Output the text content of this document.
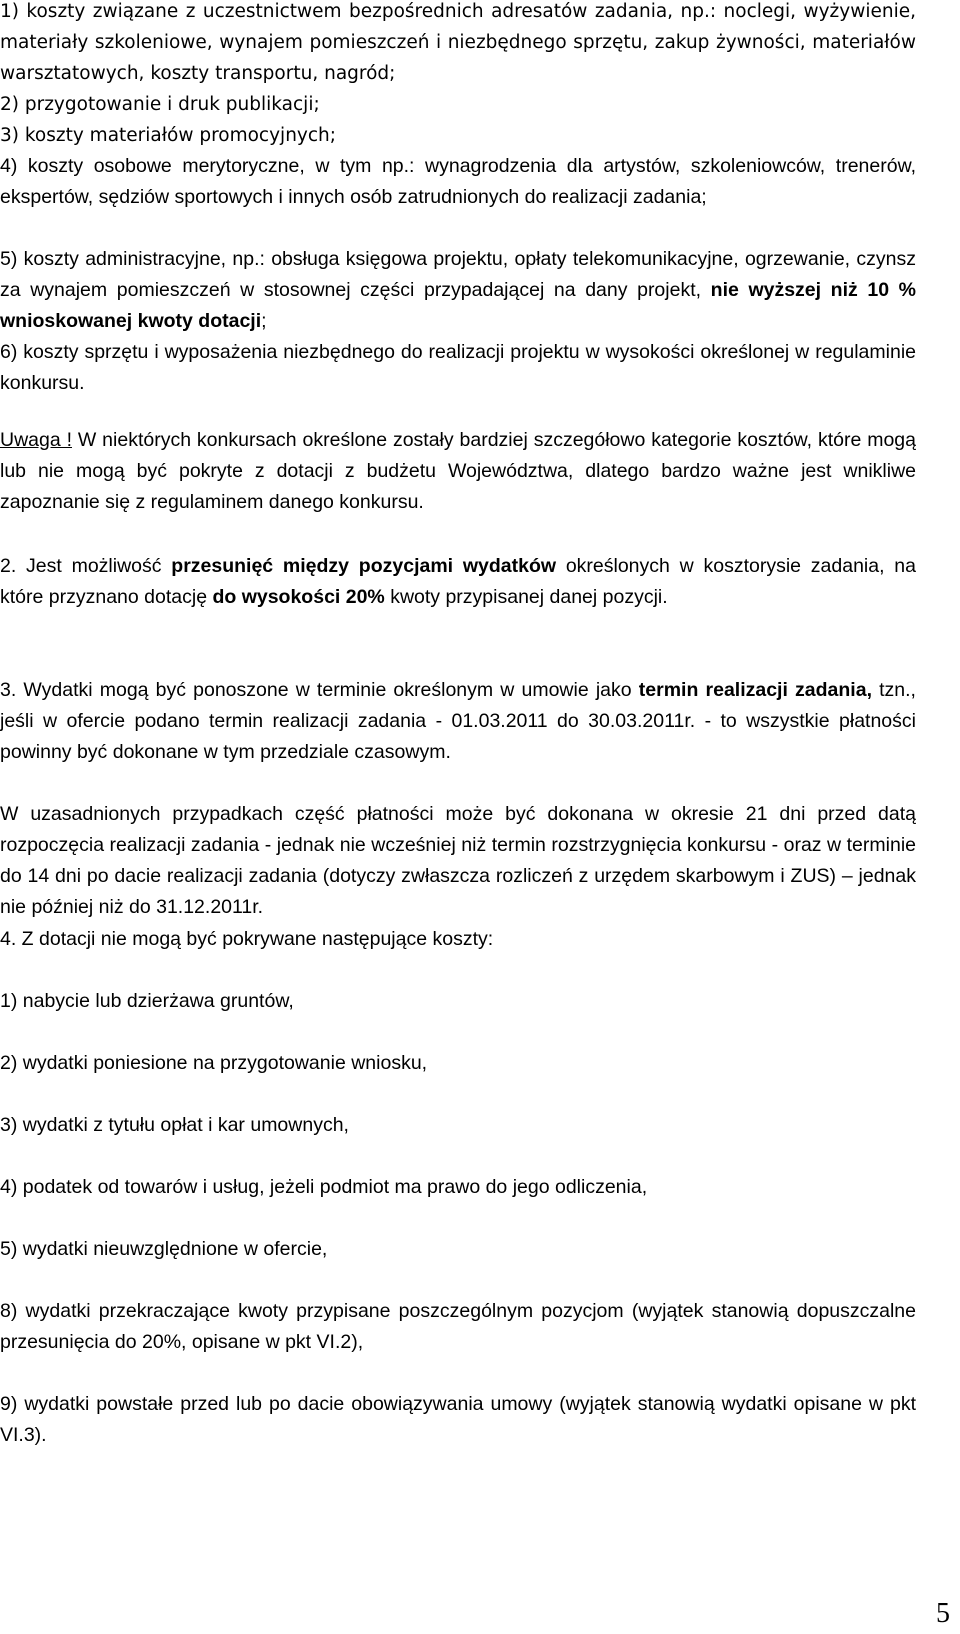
1) koszty związane z uczestnictwem bezpośrednich adresatów zadania, np.: noclegi, wyżywienie, materiały szkoleniowe, wynajem pomieszczeń i niezbędnego sprzętu, zakup żywności, materiałów warsztatowych, koszty transportu, nagród;
2) przygotowanie i druk publikacji;
3) koszty materiałów promocyjnych;
4) koszty osobowe merytoryczne, w tym np.: wynagrodzenia dla artystów, szkoleniowców, trenerów, ekspertów, sędziów sportowych i innych osób zatrudnionych do realizacji zadania;
5) koszty administracyjne, np.: obsługa księgowa projektu, opłaty telekomunikacyjne, ogrzewanie, czynsz za wynajem pomieszczeń w stosownej części przypadającej na dany projekt, nie wyższej niż 10 % wnioskowanej kwoty dotacji;
6) koszty sprzętu i wyposażenia niezbędnego do realizacji projektu w wysokości określonej w regulaminie konkursu.
Uwaga ! W niektórych konkursach określone zostały bardziej szczegółowo kategorie kosztów, które mogą lub nie mogą być pokryte z dotacji z budżetu Województwa, dlatego bardzo ważne jest wnikliwe zapoznanie się z regulaminem danego konkursu.
2. Jest możliwość przesunięć między pozycjami wydatków określonych w kosztorysie zadania, na które przyznano dotację do wysokości 20% kwoty przypisanej danej pozycji.
3. Wydatki mogą być ponoszone w terminie określonym w umowie jako termin realizacji zadania, tzn., jeśli w ofercie podano termin realizacji zadania - 01.03.2011 do 30.03.2011r. - to wszystkie płatności powinny być dokonane w tym przedziale czasowym.
W uzasadnionych przypadkach część płatności może być dokonana w okresie 21 dni przed datą rozpoczęcia realizacji zadania - jednak nie wcześniej niż termin rozstrzygnięcia konkursu - oraz w terminie do 14 dni po dacie realizacji zadania (dotyczy zwłaszcza rozliczeń z urzędem skarbowym i ZUS) – jednak nie później niż do 31.12.2011r.
4. Z dotacji nie mogą być pokrywane następujące koszty:
1) nabycie lub dzierżawa gruntów,
2) wydatki poniesione na przygotowanie wniosku,
3) wydatki z tytułu opłat i kar umownych,
4) podatek od towarów i usług, jeżeli podmiot ma prawo do jego odliczenia,
5) wydatki nieuwzględnione w ofercie,
8) wydatki przekraczające kwoty przypisane poszczególnym pozycjom (wyjątek stanowią dopuszczalne przesunięcia do 20%, opisane w pkt VI.2),
9) wydatki powstałe przed lub po dacie obowiązywania umowy (wyjątek stanowią wydatki opisane w pkt VI.3).
5
